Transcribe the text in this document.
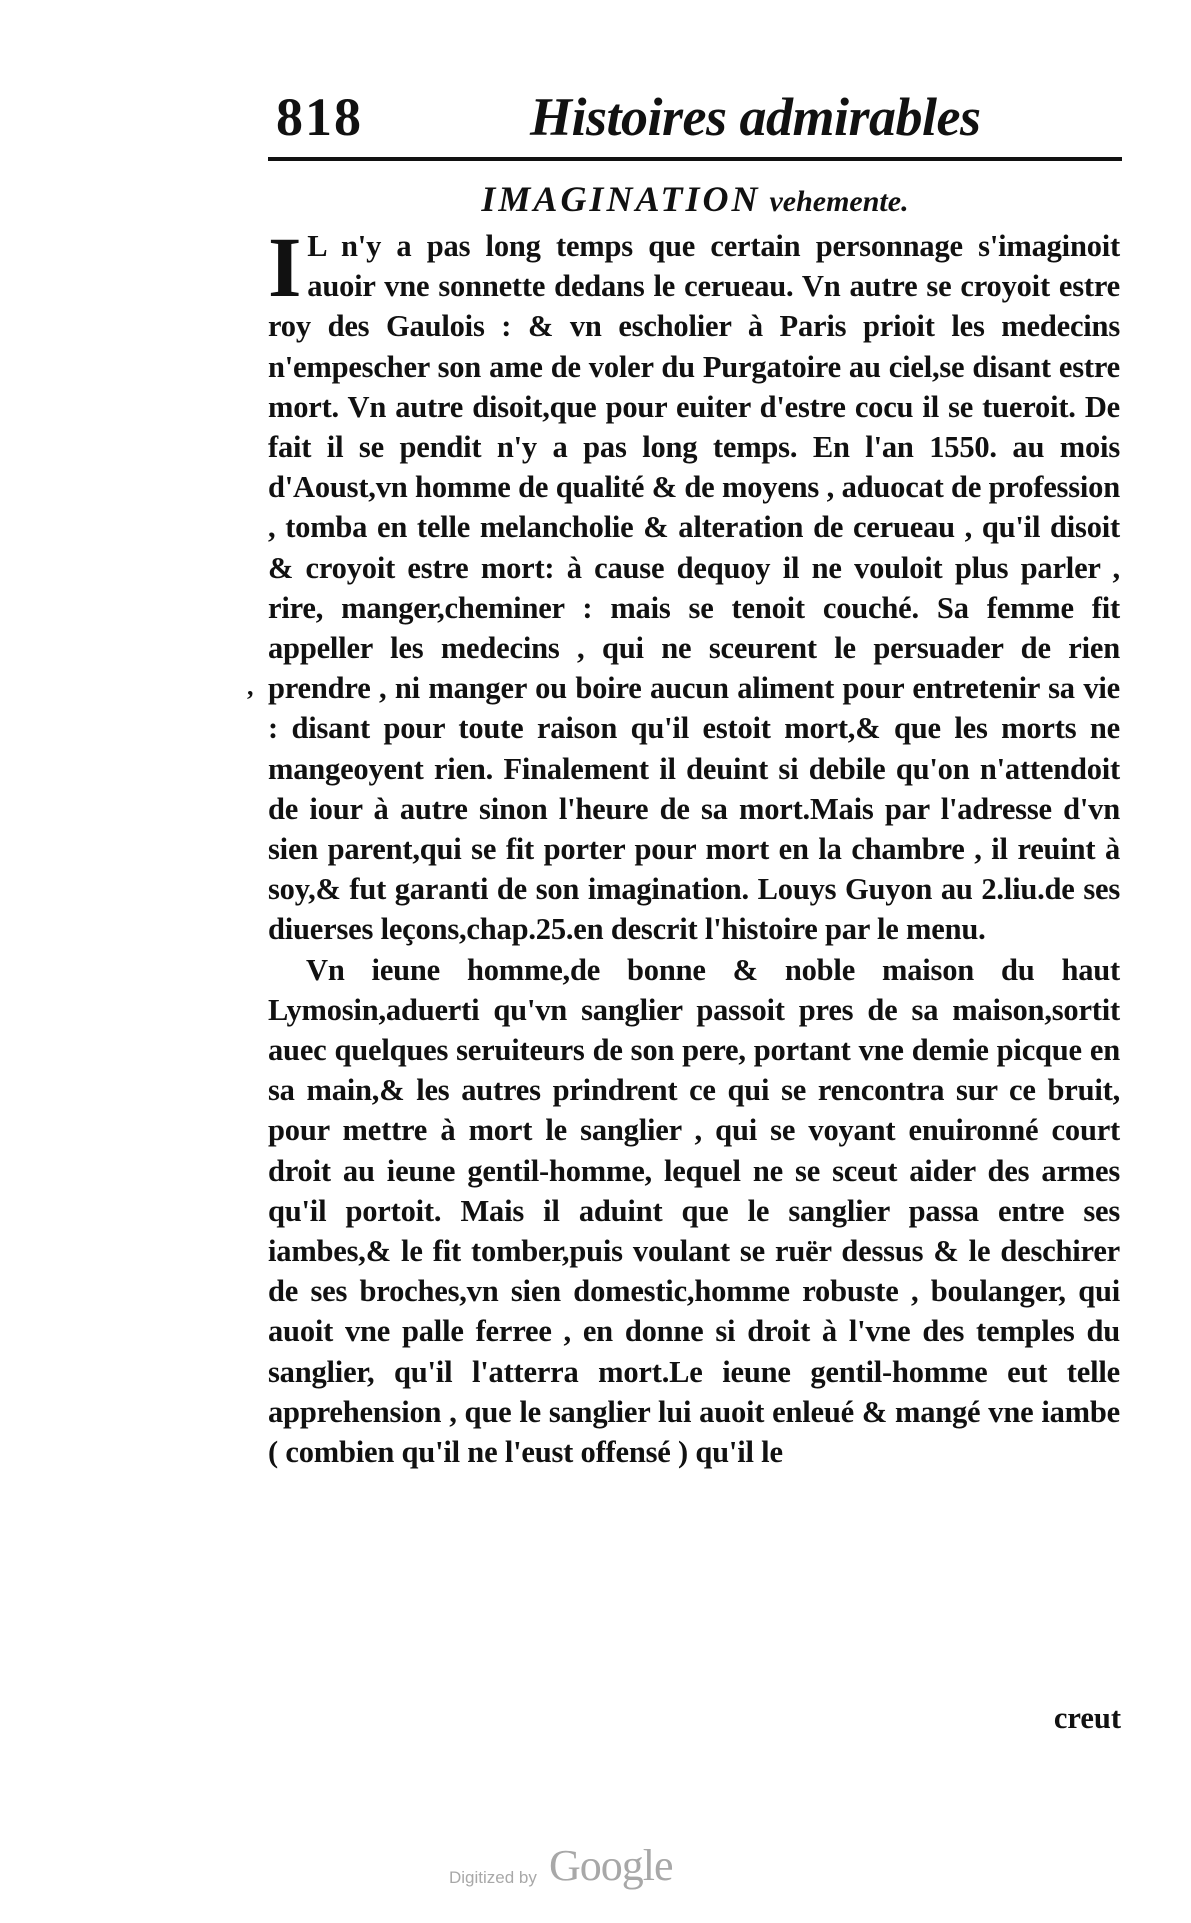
818	Histoires admirables
IMAGINATION vehemente.

IL n'y a pas long temps que certain personnage s'imaginoit auoir vne sonnette dedans le cerueau. Vn autre se croyoit estre roy des Gaulois : & vn escholier à Paris prioit les medecins n'empescher son ame de voler du Purgatoire au ciel,se disant estre mort. Vn autre disoit,que pour euiter d'estre cocu il se tueroit. De fait il se pendit n'y a pas long temps. En l'an 1550. au mois d'Aoust,vn homme de qualité & de moyens , aduocat de profession , tomba en telle melancholie & alteration de cerueau , qu'il disoit & croyoit estre mort: à cause dequoy il ne vouloit plus parler , rire, manger,cheminer : mais se tenoit couché. Sa femme fit appeller les medecins , qui ne sceurent le persuader de rien prendre , ni manger ou boire aucun aliment pour entretenir sa vie : disant pour toute raison qu'il estoit mort,& que les morts ne mangeoyent rien. Finalement il deuint si debile qu'on n'attendoit de iour à autre sinon l'heure de sa mort.Mais par l'adresse d'vn sien parent,qui se fit porter pour mort en la chambre , il reuint à soy,& fut garanti de son imagination. Louys Guyon au 2.liu.de ses diuerses leçons,chap.25.en descrit l'histoire par le menu.

Vn ieune homme,de bonne & noble maison du haut Lymosin,aduerti qu'vn sanglier passoit pres de sa maison,sortit auec quelques seruiteurs de son pere, portant vne demie picque en sa main,& les autres prindrent ce qui se rencontra sur ce bruit, pour mettre à mort le sanglier , qui se voyant enuironné court droit au ieune gentil-homme, lequel ne se sceut aider des armes qu'il portoit. Mais il aduint que le sanglier passa entre ses iambes,& le fit tomber,puis voulant se ruër dessus & le deschirer de ses broches,vn sien domestic,homme robuste , boulanger, qui auoit vne palle ferree , en donne si droit à l'vne des temples du sanglier, qu'il l'atterra mort.Le ieune gentil-homme eut telle apprehension , que le sanglier lui auoit enleué & mangé vne iambe ( combien qu'il ne l'eust offensé ) qu'il le

,
creut
Digitized by Google
